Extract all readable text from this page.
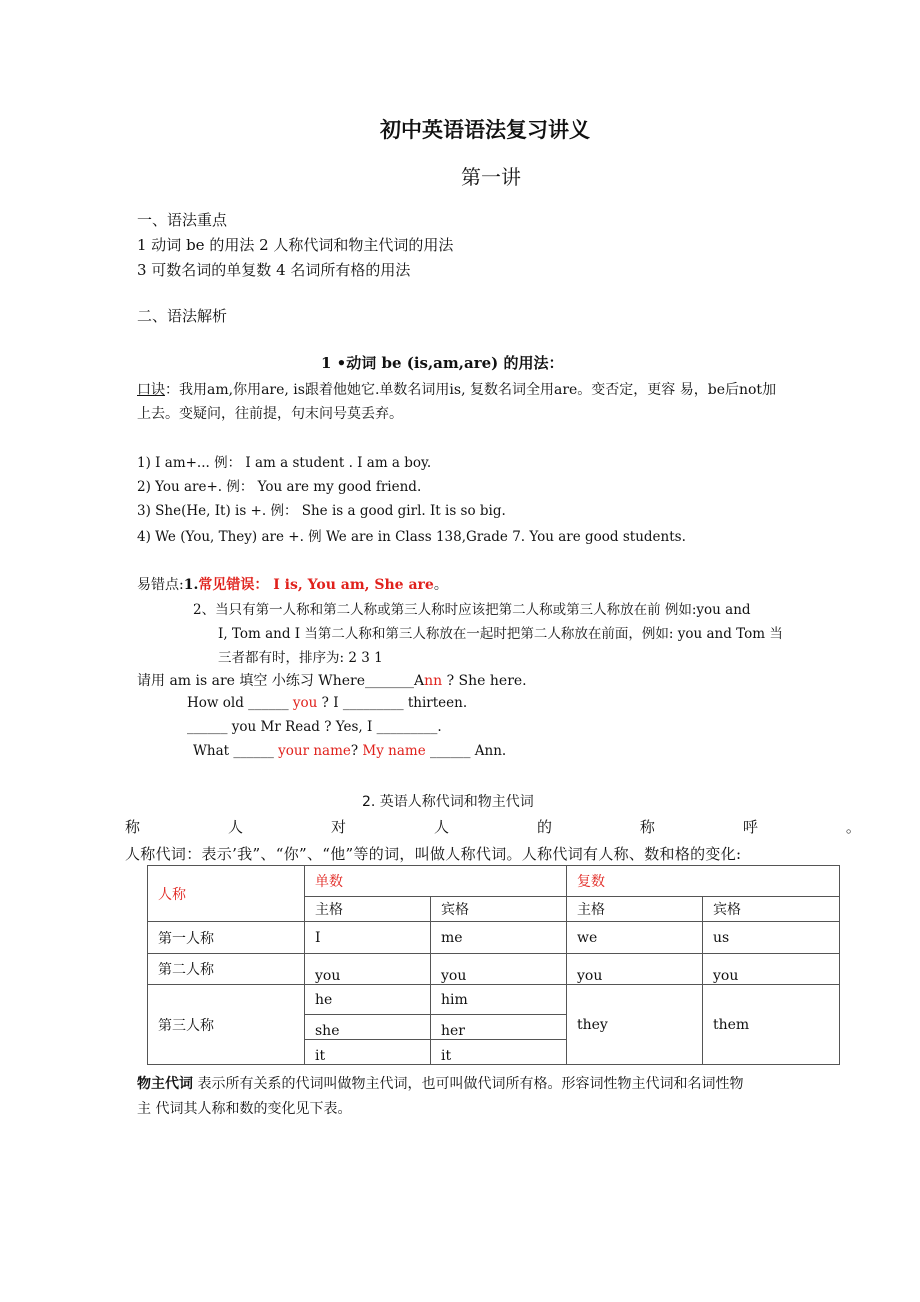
初中英语语法复习讲义
第一讲
一、语法重点
1 动词 be 的用法 2 人称代词和物主代词的用法
3 可数名词的单复数 4 名词所有格的用法
二、语法解析
1 •动词 be (is,am,are) 的用法：
口诀：我用am,你用are, is跟着他她它.单数名词用is, 复数名词全用are。变否定，更容 易，be后not加
上去。变疑问，往前提，句末问号莫丢弃。
1) I am+... 例： I am a student . I am a boy.
2) You are+. 例： You are my good friend.
3) She(He, It) is +. 例： She is a good girl. It is so big.
4) We (You, They) are +. 例 We are in Class 138,Grade 7. You are good students.
易错点:1.常见错误： I is, You am, She are。
2、当只有第一人称和第二人称或第三人称时应该把第二人称或第三人称放在前 例如:you and
I, Tom and I 当第二人称和第三人称放在一起时把第二人称放在前面，例如: you and Tom 当
三者都有时，排序为: 2 3 1
请用 am is are 填空 小练习 Where_______Ann ? She here.
How old ______ you ? I _________ thirteen.
______ you Mr Read ? Yes, I _________.
What ______ your name? My name ______ Ann.
2. 英语人称代词和物主代词
称	人	对	人	的	称	呼	。
人称代词：表示’我”、“你”、“他”等的词，叫做人称代词。人称代词有人称、数和格的变化:
人称	单数		复数	
	主格	宾格	主格	宾格
第一人称	I	me	we	us
第二人称	you	you	you	you
第三人称	he	him	they	them
	she	her		
	it	it		
物主代词 表示所有关系的代词叫做物主代词，也可叫做代词所有格。形容词性物主代词和名词性物
主 代词其人称和数的变化见下表。
